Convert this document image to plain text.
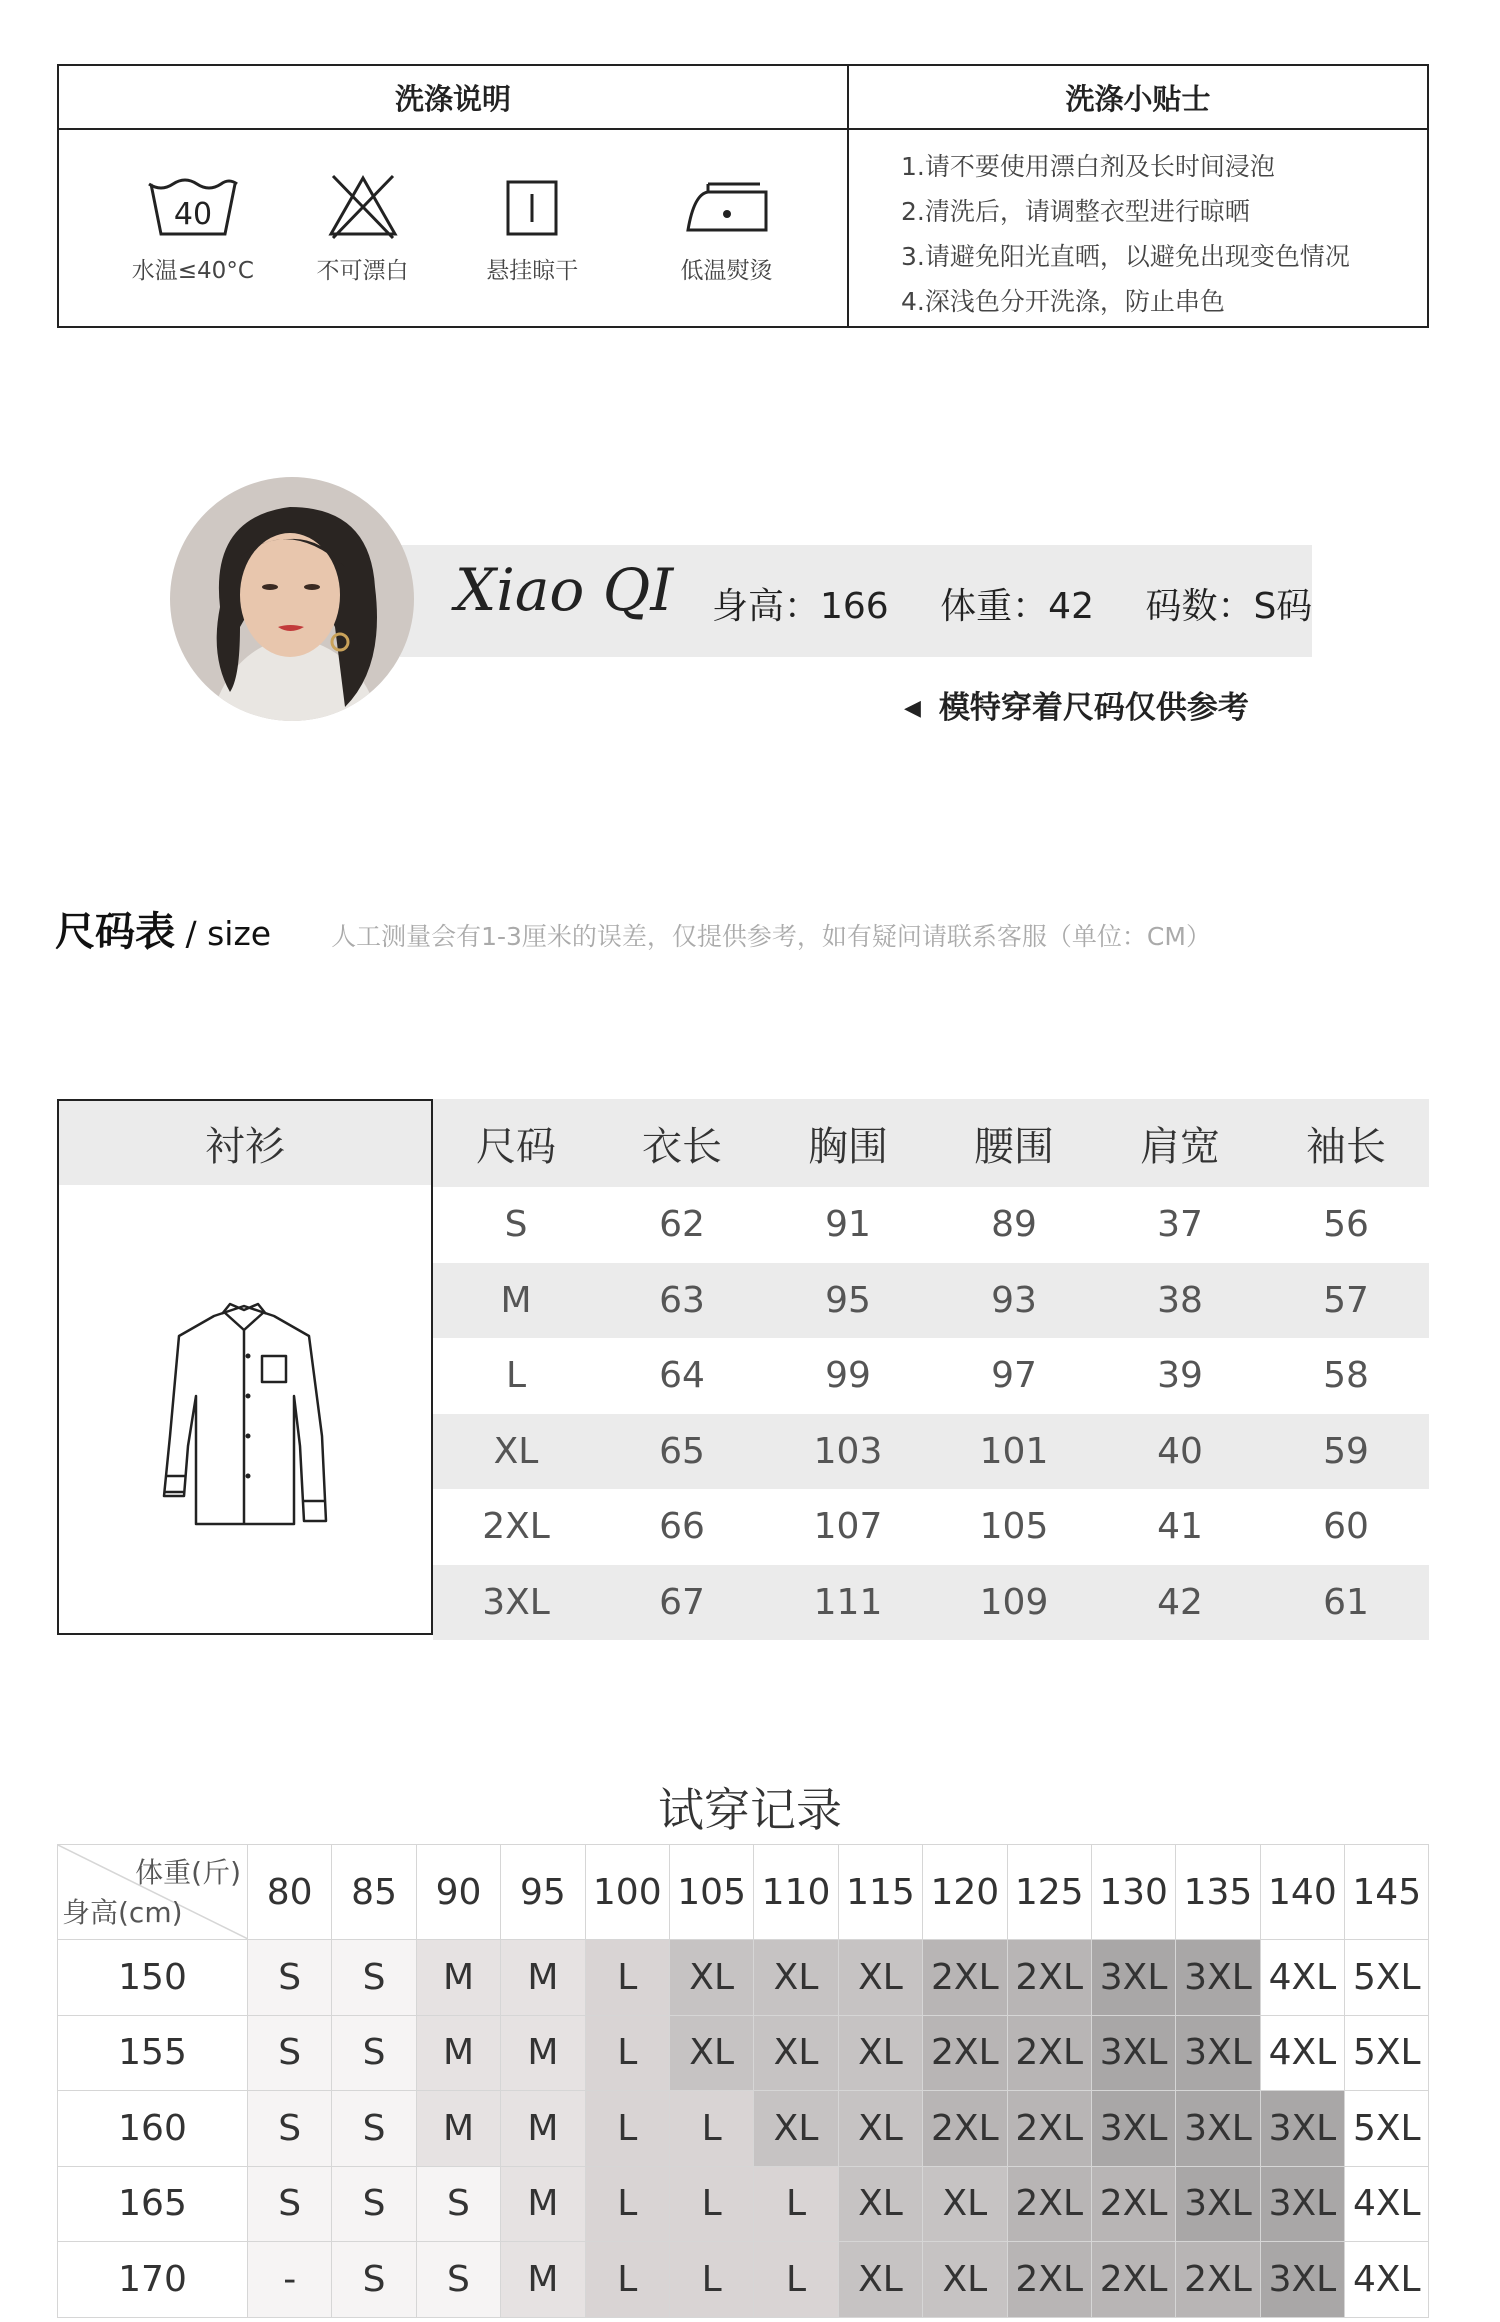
洗涤说明
40
水温≤40°C	不可漂白	悬挂晾干	低温熨烫
洗涤小贴士
1.请不要使用漂白剂及长时间浸泡
2.清洗后，请调整衣型进行晾晒
3.请避免阳光直晒，以避免出现变色情况
4.深浅色分开洗涤，防止串色
Xiao QI 身高：166 体重：42 码数：S码
◀ 模特穿着尺码仅供参考
尺码表 / size 人工测量会有1-3厘米的误差，仅提供参考，如有疑问请联系客服（单位：CM）
衬衫	尺码	衣长	胸围	腰围	肩宽	袖长
S	62	91	89	37	56
M	63	95	93	38	57
L	64	99	97	39	58
XL	65	103	101	40	59
2XL	66	107	105	41	60
3XL	67	111	109	42	61
试穿记录
体重(斤)
身高(cm)	80	85	90	95	100	105	110	115	120	125	130	135	140	145
150	S	S	M	M	L	XL	XL	XL	2XL	2XL	3XL	3XL	4XL	5XL
155	S	S	M	M	L	XL	XL	XL	2XL	2XL	3XL	3XL	4XL	5XL
160	S	S	M	M	L	L	XL	XL	2XL	2XL	3XL	3XL	3XL	5XL
165	S	S	S	M	L	L	L	XL	XL	2XL	2XL	3XL	3XL	4XL
170	-	S	S	M	L	L	L	XL	XL	2XL	2XL	2XL	3XL	4XL
